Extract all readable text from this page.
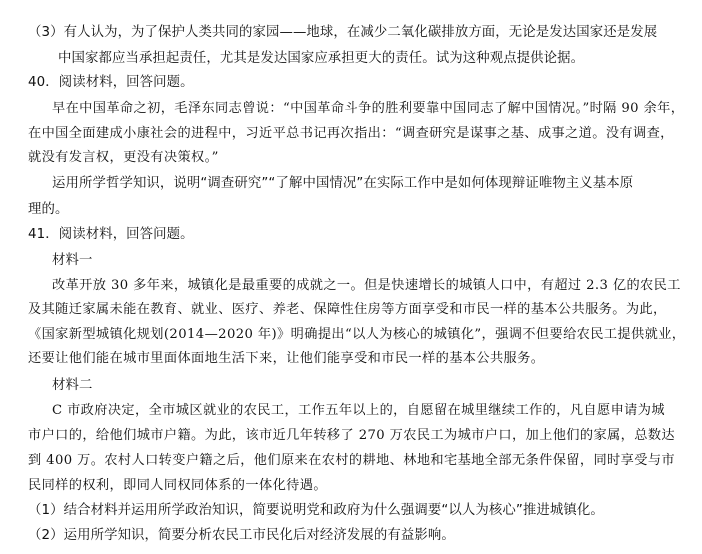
（3）有人认为，为了保护人类共同的家园——地球，在减少二氧化碳排放方面，无论是发达国家还是发展
中国家都应当承担起责任，尤其是发达国家应承担更大的责任。试为这种观点提供论据。
40．阅读材料，回答问题。
早在中国革命之初，毛泽东同志曾说：“中国革命斗争的胜利要靠中国同志了解中国情况。”时隔 90 余年，
在中国全面建成小康社会的进程中，习近平总书记再次指出：“调查研究是谋事之基、成事之道。没有调查，
就没有发言权，更没有决策权。”
运用所学哲学知识，说明“调查研究”“了解中国情况”在实际工作中是如何体现辩证唯物主义基本原
理的。
41．阅读材料，回答问题。
材料一
改革开放 30 多年来，城镇化是最重要的成就之一。但是快速增长的城镇人口中，有超过 2.3 亿的农民工
及其随迁家属未能在教育、就业、医疗、养老、保障性住房等方面享受和市民一样的基本公共服务。为此，
《国家新型城镇化规划(2014—2020 年)》明确提出“以人为核心的城镇化”，强调不但要给农民工提供就业，
还要让他们能在城市里面体面地生活下来，让他们能享受和市民一样的基本公共服务。
材料二
C 市政府决定，全市城区就业的农民工，工作五年以上的，自愿留在城里继续工作的，凡自愿申请为城
市户口的，给他们城市户籍。为此，该市近几年转移了 270 万农民工为城市户口，加上他们的家属，总数达
到 400 万。农村人口转变户籍之后，他们原来在农村的耕地、林地和宅基地全部无条件保留，同时享受与市
民同样的权利，即同人同权同体系的一体化待遇。
（1）结合材料并运用所学政治知识，简要说明党和政府为什么强调要“以人为核心”推进城镇化。
（2）运用所学知识，简要分析农民工市民化后对经济发展的有益影响。
